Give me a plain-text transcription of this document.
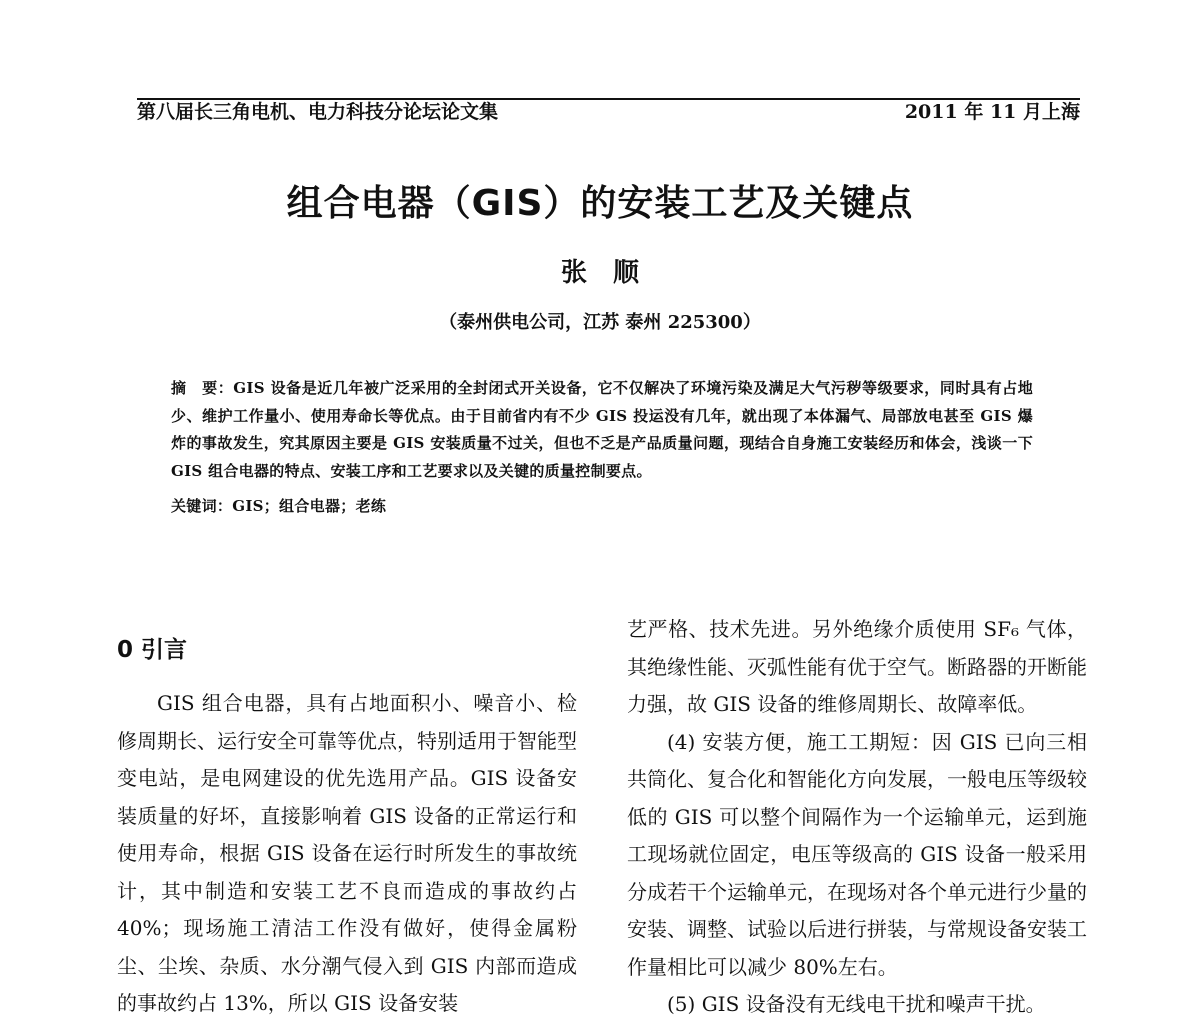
第八届长三角电机、电力科技分论坛论文集	2011 年 11 月上海
组合电器（GIS）的安装工艺及关键点
张顺
（泰州供电公司，江苏 泰州 225300）

摘　要：GIS 设备是近几年被广泛采用的全封闭式开关设备，它不仅解决了环境污染及满足大气污秽等级要求，同时具有占地少、维护工作量小、使用寿命长等优点。由于目前省内有不少 GIS 投运没有几年，就出现了本体漏气、局部放电甚至 GIS 爆炸的事故发生，究其原因主要是 GIS 安装质量不过关，但也不乏是产品质量问题，现结合自身施工安装经历和体会，浅谈一下 GIS 组合电器的特点、安装工序和工艺要求以及关键的质量控制要点。

关键词：GIS；组合电器；老练

0 引言

GIS 组合电器，具有占地面积小、噪音小、检修周期长、运行安全可靠等优点，特别适用于智能型变电站，是电网建设的优先选用产品。GIS 设备安装质量的好坏，直接影响着 GIS 设备的正常运行和使用寿命，根据 GIS 设备在运行时所发生的事故统计，其中制造和安装工艺不良而造成的事故约占 40%；现场施工清洁工作没有做好，使得金属粉尘、尘埃、杂质、水分潮气侵入到 GIS 内部而造成的事故约占 13%，所以 GIS 设备安装

艺严格、技术先进。另外绝缘介质使用 SF₆ 气体，其绝缘性能、灭弧性能有优于空气。断路器的开断能力强，故 GIS 设备的维修周期长、故障率低。

(4) 安装方便，施工工期短：因 GIS 已向三相共筒化、复合化和智能化方向发展，一般电压等级较低的 GIS 可以整个间隔作为一个运输单元，运到施工现场就位固定，电压等级高的 GIS 设备一般采用分成若干个运输单元，在现场对各个单元进行少量的安装、调整、试验以后进行拼装，与常规设备安装工作量相比可以减少 80%左右。

(5) GIS 设备没有无线电干扰和噪声干扰。
